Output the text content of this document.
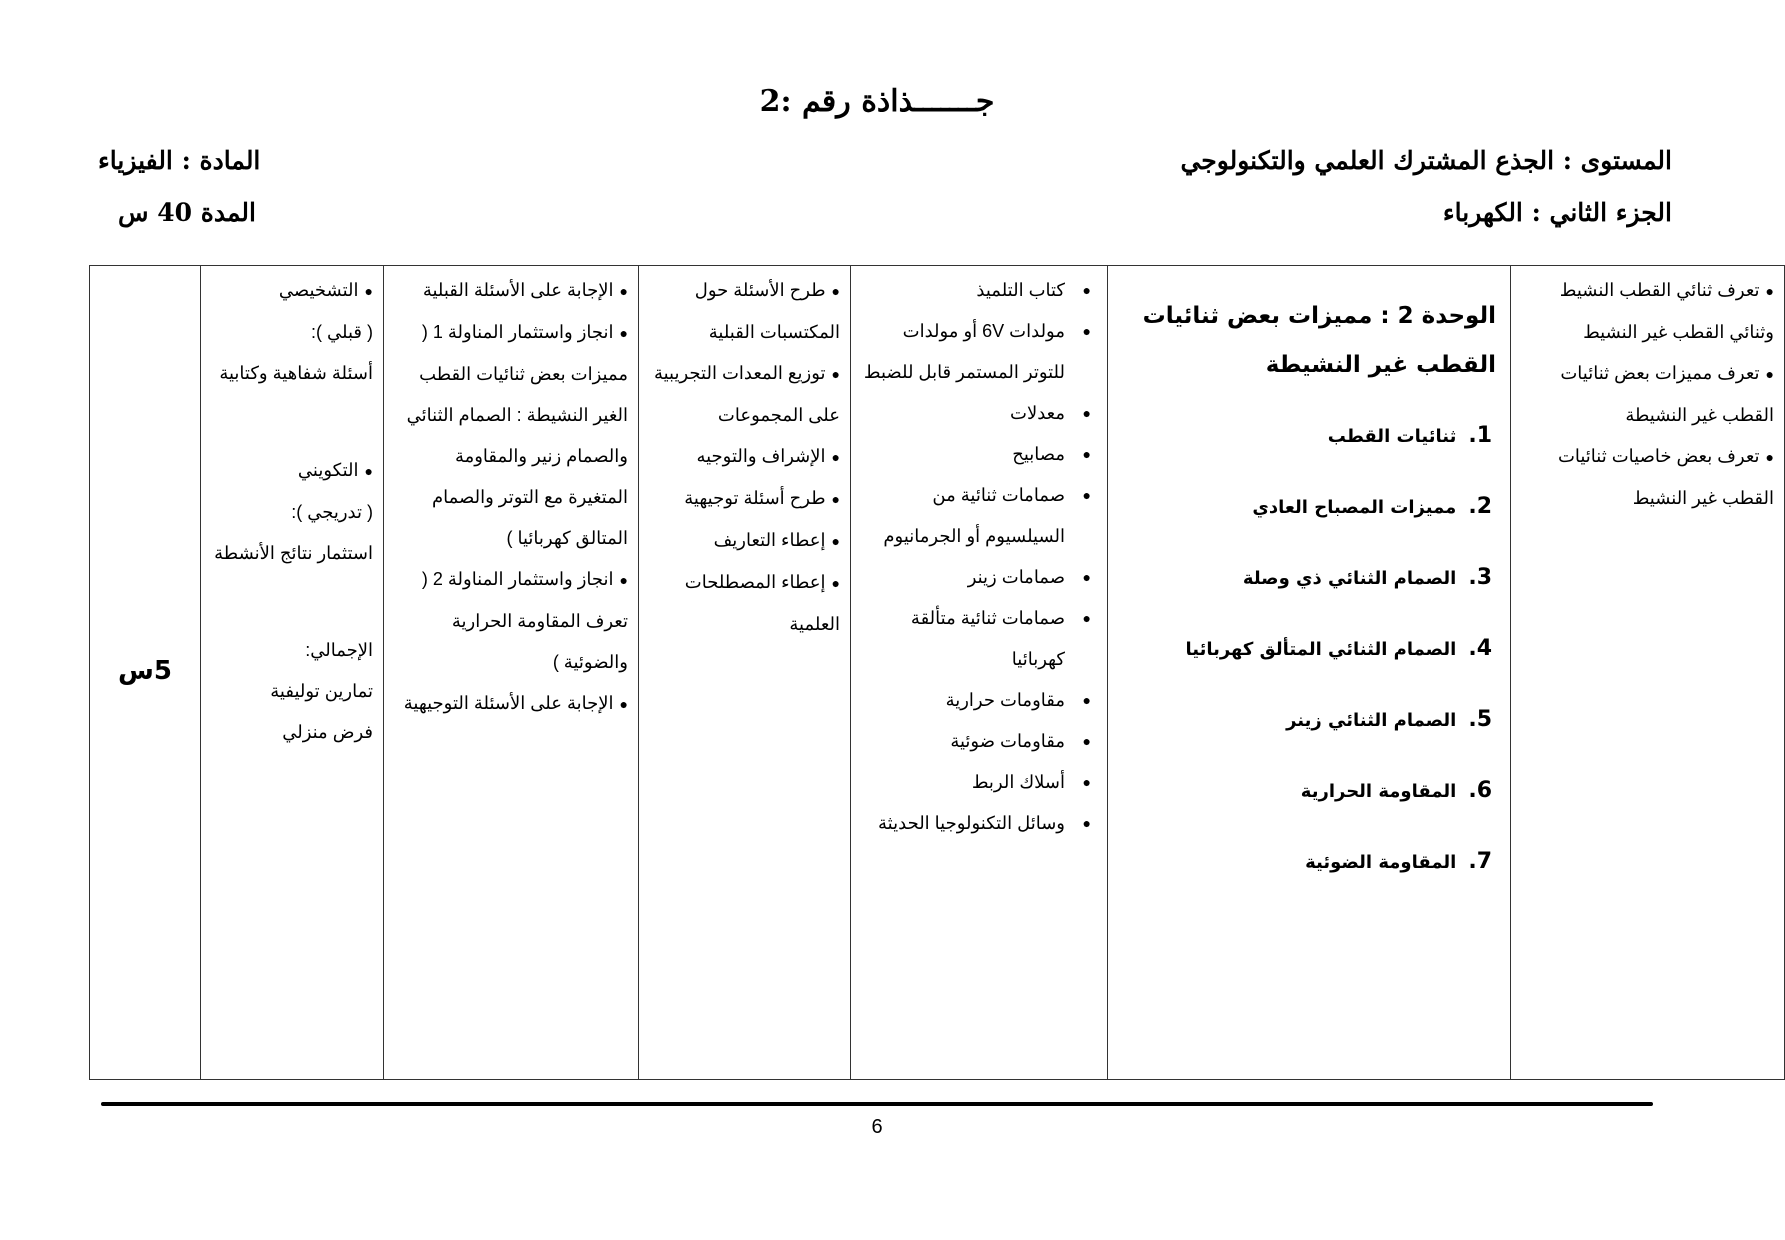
جـــــــذاذة رقم :2
المستوى : الجذع المشترك العلمي والتكنولوجي
الجزء الثاني : الكهرباء
المادة : الفيزياء
المدة 40 س
●تعرف ثنائي القطب النشيط وثنائي القطب غير النشيط
●تعرف مميزات بعض ثنائيات القطب غير النشيطة
●تعرف بعض خاصيات ثنائيات القطب غير النشيط

الوحدة 2 : مميزات بعض ثنائيات القطب غير النشيطة
1.ثنائيات القطب
2.مميزات المصباح العادي
3.الصمام الثنائي ذي وصلة
4.الصمام الثنائي المتألق كهربائيا
5.الصمام الثنائي زينر
6.المقاومة الحرارية
7.المقاومة الضوئية

●
كتاب التلميذ
●
مولدات 6V أو مولدات للتوتر المستمر قابل للضبط
●
معدلات
●
مصابيح
●
صمامات ثنائية من السيلسيوم أو الجرمانيوم
●
صمامات زينر
●
صمامات ثنائية متألقة كهربائيا
●
مقاومات حرارية
●
مقاومات ضوئية
●
أسلاك الربط
●
وسائل التكنولوجيا الحديثة

●طرح الأسئلة حول المكتسبات القبلية
●توزيع المعدات التجريبية على المجموعات
●الإشراف والتوجيه
●طرح أسئلة توجيهية
●إعطاء التعاريف
●إعطاء المصطلحات العلمية

●الإجابة على الأسئلة القبلية
●انجاز واستثمار المناولة 1 ( مميزات بعض ثنائيات القطب الغير النشيطة : الصمام الثنائي والصمام زنير والمقاومة المتغيرة مع التوتر والصمام المتالق كهربائيا )
●انجاز واستثمار المناولة 2 ( تعرف المقاومة الحرارية والضوئية )
●الإجابة على الأسئلة التوجيهية

●التشخيصي
( قبلي ):
أسئلة شفاهية وكتابية
●التكويني
( تدريجي ):
استثمار نتائج الأنشطة
الإجمالي:
تمارين توليفية
فرض منزلي
	5س
6
